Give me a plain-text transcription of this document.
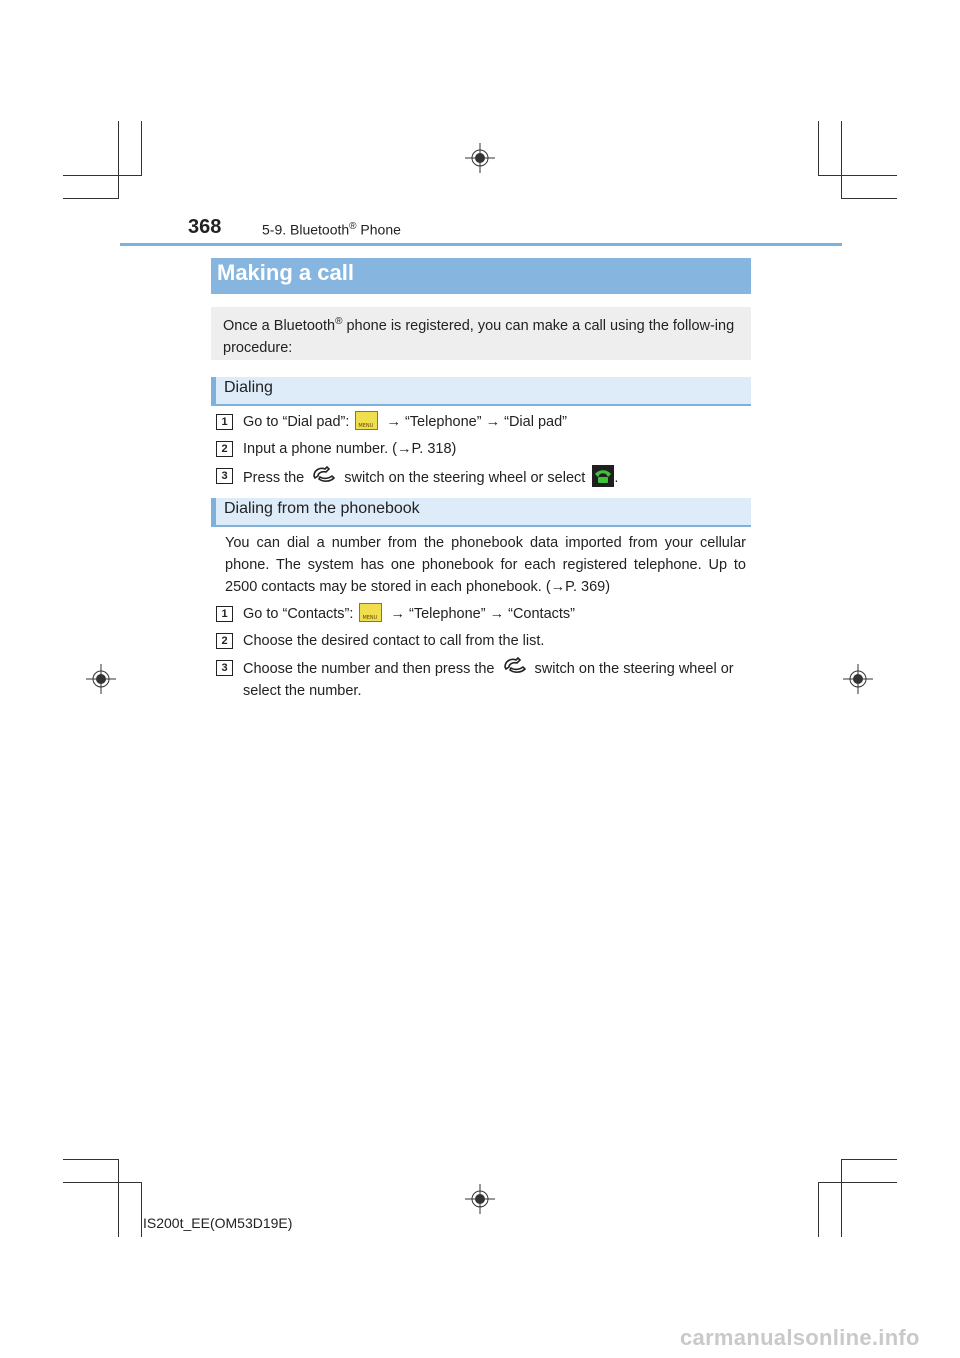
368	5-9. Bluetooth® Phone
Making a call
Once a Bluetooth® phone is registered, you can make a call using the follow-ing procedure:
Dialing
1	Go to “Dial pad”: MENU → “Telephone” → “Dial pad”
2	Input a phone number. (→P. 318)
3	Press the  switch on the steering wheel or select
.
Dialing from the phonebook
You can dial a number from the phonebook data imported from your cellular phone. The system has one phonebook for each registered telephone. Up to 2500 contacts may be stored in each phonebook. (→P. 369)
1	Go to “Contacts”: MENU → “Telephone” → “Contacts”
2	Choose the desired contact to call from the list.
3	Choose the number and then press the  switch on the steering wheel or select the number.
IS200t_EE(OM53D19E)
carmanualsonline.info
